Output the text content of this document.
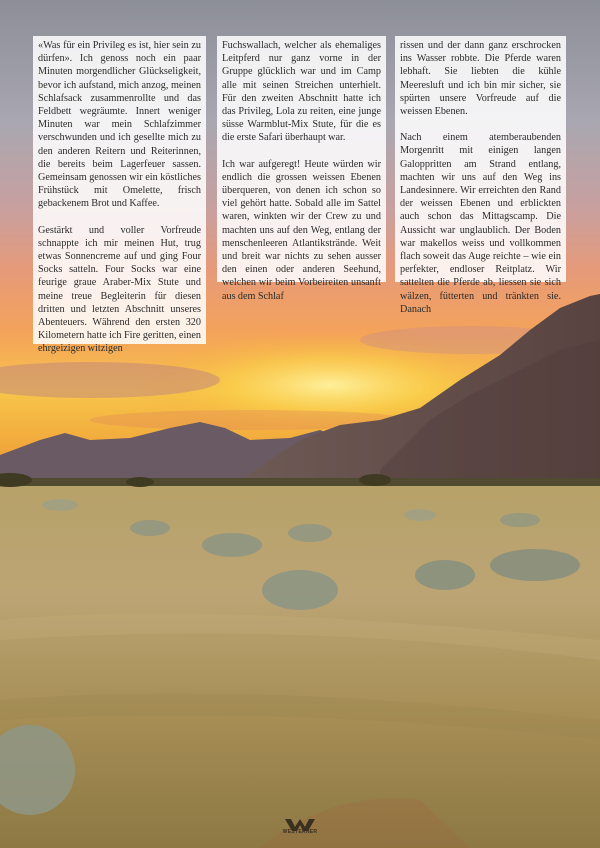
«Was für ein Privileg es ist, hier sein zu dürfen». Ich genoss noch ein paar Minuten morgendlicher Glückseligkeit, bevor ich aufstand, mich anzog, meinen Schlafsack zusammenrollte und das Feldbett wegräumte. Innert weniger Minuten war mein Schlafzimmer verschwunden und ich gesellte mich zu den anderen Reitern und Reiterinnen, die bereits beim Lagerfeuer sassen. Gemeinsam genossen wir ein köstliches Frühstück mit Omelette, frisch gebackenem Brot und Kaffee.

Gestärkt und voller Vorfreude schnappte ich mir meinen Hut, trug etwas Sonnencreme auf und ging Four Socks satteln. Four Socks war eine feurige graue Araber-Mix Stute und meine treue Begleiterin für diesen dritten und letzten Abschnitt unseres Abenteuers. Während den ersten 320 Kilometern hatte ich Fire geritten, einen ehrgeizigen witzigen

Fuchswallach, welcher als ehemaliges Leitpferd nur ganz vorne in der Gruppe glücklich war und im Camp alle mit seinen Streichen unterhielt. Für den zweiten Abschnitt hatte ich das Privileg, Lola zu reiten, eine junge süsse Warmblut-Mix Stute, für die es die erste Safari überhaupt war.

Ich war aufgeregt! Heute würden wir endlich die grossen weissen Ebenen überqueren, von denen ich schon so viel gehört hatte. Sobald alle im Sattel waren, winkten wir der Crew zu und machten uns auf den Weg, entlang der menschenleeren Atlantikstrände. Weit und breit war nichts zu sehen ausser den einen oder anderen Seehund, welchen wir beim Vorbeireiten unsanft aus dem Schlaf

rissen und der dann ganz erschrocken ins Wasser robbte. Die Pferde waren lebhaft. Sie liebten die kühle Meeresluft und ich bin mir sicher, sie spürten unsere Vorfreude auf die weissen Ebenen.

Nach einem atemberaubenden Morgenritt mit einigen langen Galoppritten am Strand entlang, machten wir uns auf den Weg ins Landesinnere. Wir erreichten den Rand der weissen Ebenen und erblickten auch schon das Mittagscamp. Die Aussicht war unglaublich. Der Boden war makellos weiss und vollkommen flach soweit das Auge reichte – wie ein perfekter, endloser Reitplatz. Wir sattelten die Pferde ab, liessen sie sich wälzen, fütterten und tränkten sie. Danach

WESTERNER
